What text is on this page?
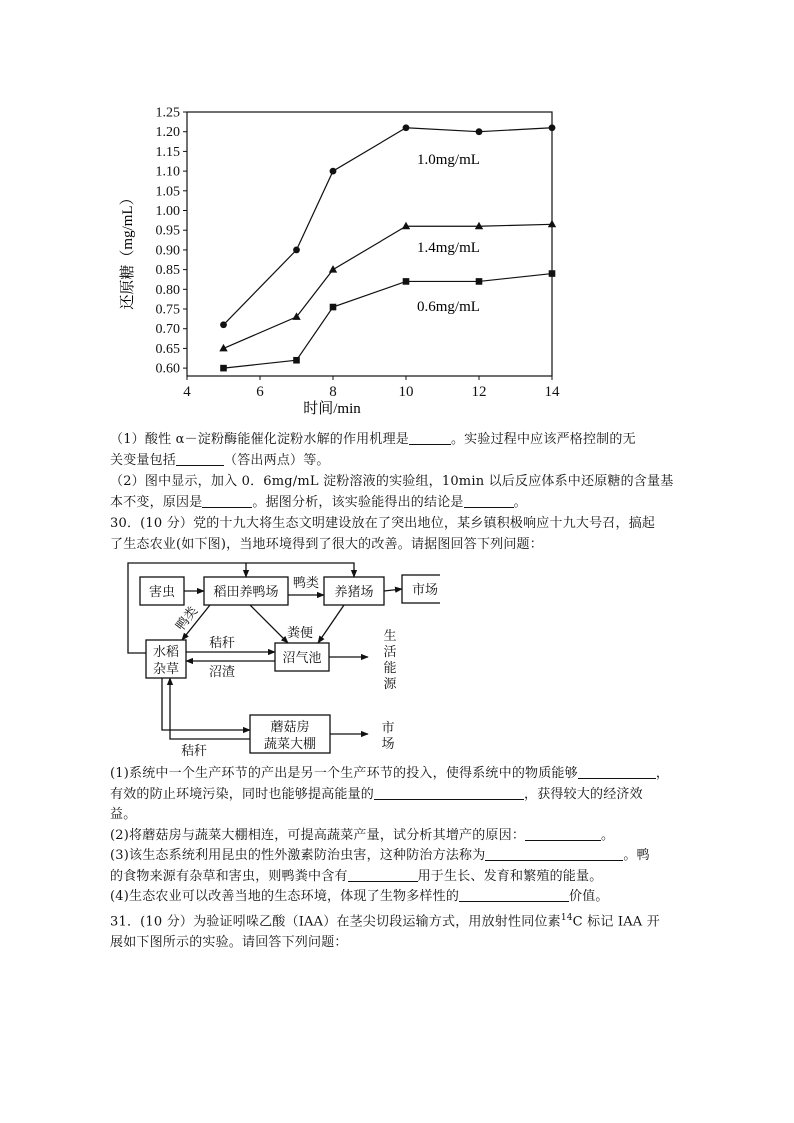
0.60
0.65
0.70
0.75
0.80
0.85
0.90
0.95
1.00
1.05
1.10
1.15
1.20
1.25
4	6	8	10	12	14
1.0mg/mL
1.4mg/mL
0.6mg/mL
时间/min
还原糖（mg/mL）
（1）酸性 α－淀粉酶能催化淀粉水解的作用机理是	。实验过程中应该严格控制的无
关变量包括	（答出两点）等。
（2）图中显示，加入 0．6mg/mL 淀粉溶液的实验组，10min 以后反应体系中还原糖的含量基
本不变，原因是	。据图分析，该实验能得出的结论是	。
30．(10 分）党的十九大将生态文明建设放在了突出地位，某乡镇积极响应十九大号召，搞起
了生态农业(如下图)，当地环境得到了很大的改善。请据图回答下列问题：
害虫	稻田养鸭场	养猪场	市场
水稻
杂草
沼气池
蘑菇房
蔬菜大棚
生
活
能
源
市
场
鸭类
鸭类
秸秆
粪便
沼渣
秸秆
(1)系统中一个生产环节的产出是另一个生产环节的投入，使得系统中的物质能够	，
有效的防止环境污染，同时也能够提高能量的	，获得较大的经济效
益。
(2)将蘑菇房与蔬菜大棚相连，可提高蔬菜产量，试分析其增产的原因：	。
(3)该生态系统利用昆虫的性外激素防治虫害，这种防治方法称为	。鸭
的食物来源有杂草和害虫，则鸭粪中含有	用于生长、发育和繁殖的能量。
(4)生态农业可以改善当地的生态环境，体现了生物多样性的	价值。
31．(10 分）为验证吲哚乙酸（IAA）在茎尖切段运输方式，用放射性同位素$^{14}$C 标记 IAA 开
展如下图所示的实验。请回答下列问题：
